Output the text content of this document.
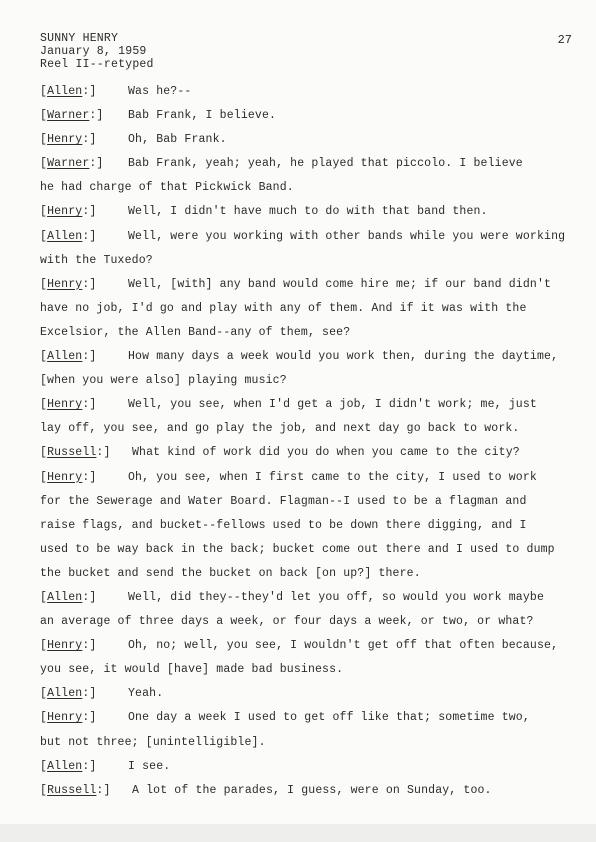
SUNNY HENRY
January 8, 1959
Reel II--retyped
27
[Allen:]	Was he?--
[Warner:] Bab Frank, I believe.
[Henry:]	Oh, Bab Frank.
[Warner:] Bab Frank, yeah; yeah, he played that piccolo. I believe
he had charge of that Pickwick Band.
[Henry:]	Well, I didn't have much to do with that band then.
[Allen:]	Well, were you working with other bands while you were working
with the Tuxedo?
[Henry:]	Well, [with] any band would come hire me; if our band didn't
have no job, I'd go and play with any of them. And if it was with the
Excelsior, the Allen Band--any of them, see?
[Allen:]	How many days a week would you work then, during the daytime,
[when you were also] playing music?
[Henry:]	Well, you see, when I'd get a job, I didn't work; me, just
lay off, you see, and go play the job, and next day go back to work.
[Russell:] What kind of work did you do when you came to the city?
[Henry:]	Oh, you see, when I first came to the city, I used to work
for the Sewerage and Water Board. Flagman--I used to be a flagman and
raise flags, and bucket--fellows used to be down there digging, and I
used to be way back in the back; bucket come out there and I used to dump
the bucket and send the bucket on back [on up?] there.
[Allen:]	Well, did they--they'd let you off, so would you work maybe
an average of three days a week, or four days a week, or two, or what?
[Henry:]	Oh, no; well, you see, I wouldn't get off that often because,
you see, it would [have] made bad business.
[Allen:]	Yeah.
[Henry:]	One day a week I used to get off like that; sometime two,
but not three; [unintelligible].
[Allen:]	I see.
[Russell:] A lot of the parades, I guess, were on Sunday, too.
